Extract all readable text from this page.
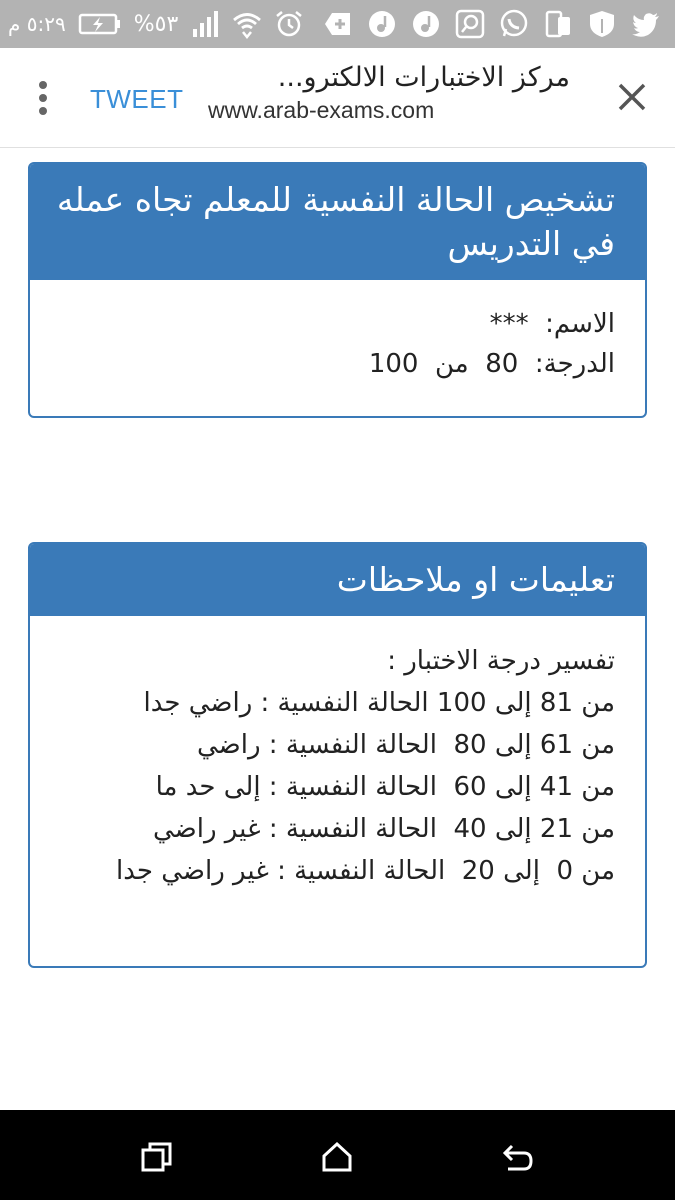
٥:٢٩ م	%٥٣
TWEET
مركز الاختبارات الالكترو...
www.arab-exams.com
تشخيص الحالة النفسية للمعلم تجاه عمله في التدريس
الاسم:  ***
الدرجة:  80  من  100
تعليمات او ملاحظات
تفسير درجة الاختبار :
من 81 إلى 100 الحالة النفسية : راضي جدا
من 61 إلى 80  الحالة النفسية : راضي
من 41 إلى 60  الحالة النفسية : إلى حد ما
من 21 إلى 40  الحالة النفسية : غير راضي
من 0  إلى 20  الحالة النفسية : غير راضي جدا
